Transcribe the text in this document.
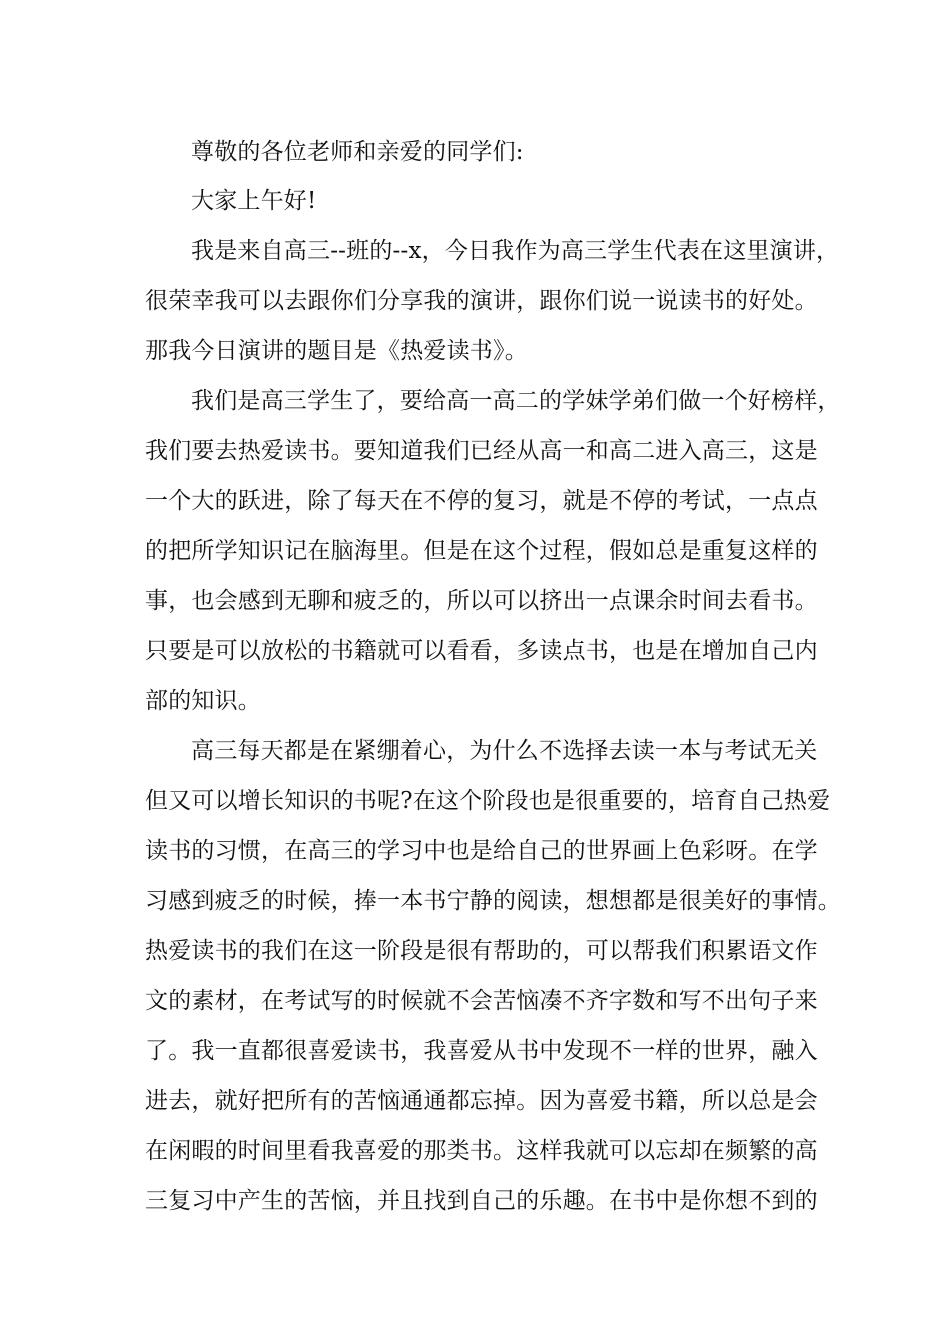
尊敬的各位老师和亲爱的同学们:
大家上午好!
我是来自高三--班的--x，今日我作为高三学生代表在这里演讲，
很荣幸我可以去跟你们分享我的演讲，跟你们说一说读书的好处。
那我今日演讲的题目是《热爱读书》。
我们是高三学生了，要给高一高二的学妹学弟们做一个好榜样，
我们要去热爱读书。要知道我们已经从高一和高二进入高三，这是
一个大的跃进，除了每天在不停的复习，就是不停的考试，一点点
的把所学知识记在脑海里。但是在这个过程，假如总是重复这样的
事，也会感到无聊和疲乏的，所以可以挤出一点课余时间去看书。
只要是可以放松的书籍就可以看看，多读点书，也是在增加自己内
部的知识。
高三每天都是在紧绷着心，为什么不选择去读一本与考试无关
但又可以增长知识的书呢?在这个阶段也是很重要的，培育自己热爱
读书的习惯，在高三的学习中也是给自己的世界画上色彩呀。在学
习感到疲乏的时候，捧一本书宁静的阅读，想想都是很美好的事情。
热爱读书的我们在这一阶段是很有帮助的，可以帮我们积累语文作
文的素材，在考试写的时候就不会苦恼凑不齐字数和写不出句子来
了。我一直都很喜爱读书，我喜爱从书中发现不一样的世界，融入
进去，就好把所有的苦恼通通都忘掉。因为喜爱书籍，所以总是会
在闲暇的时间里看我喜爱的那类书。这样我就可以忘却在频繁的高
三复习中产生的苦恼，并且找到自己的乐趣。在书中是你想不到的
